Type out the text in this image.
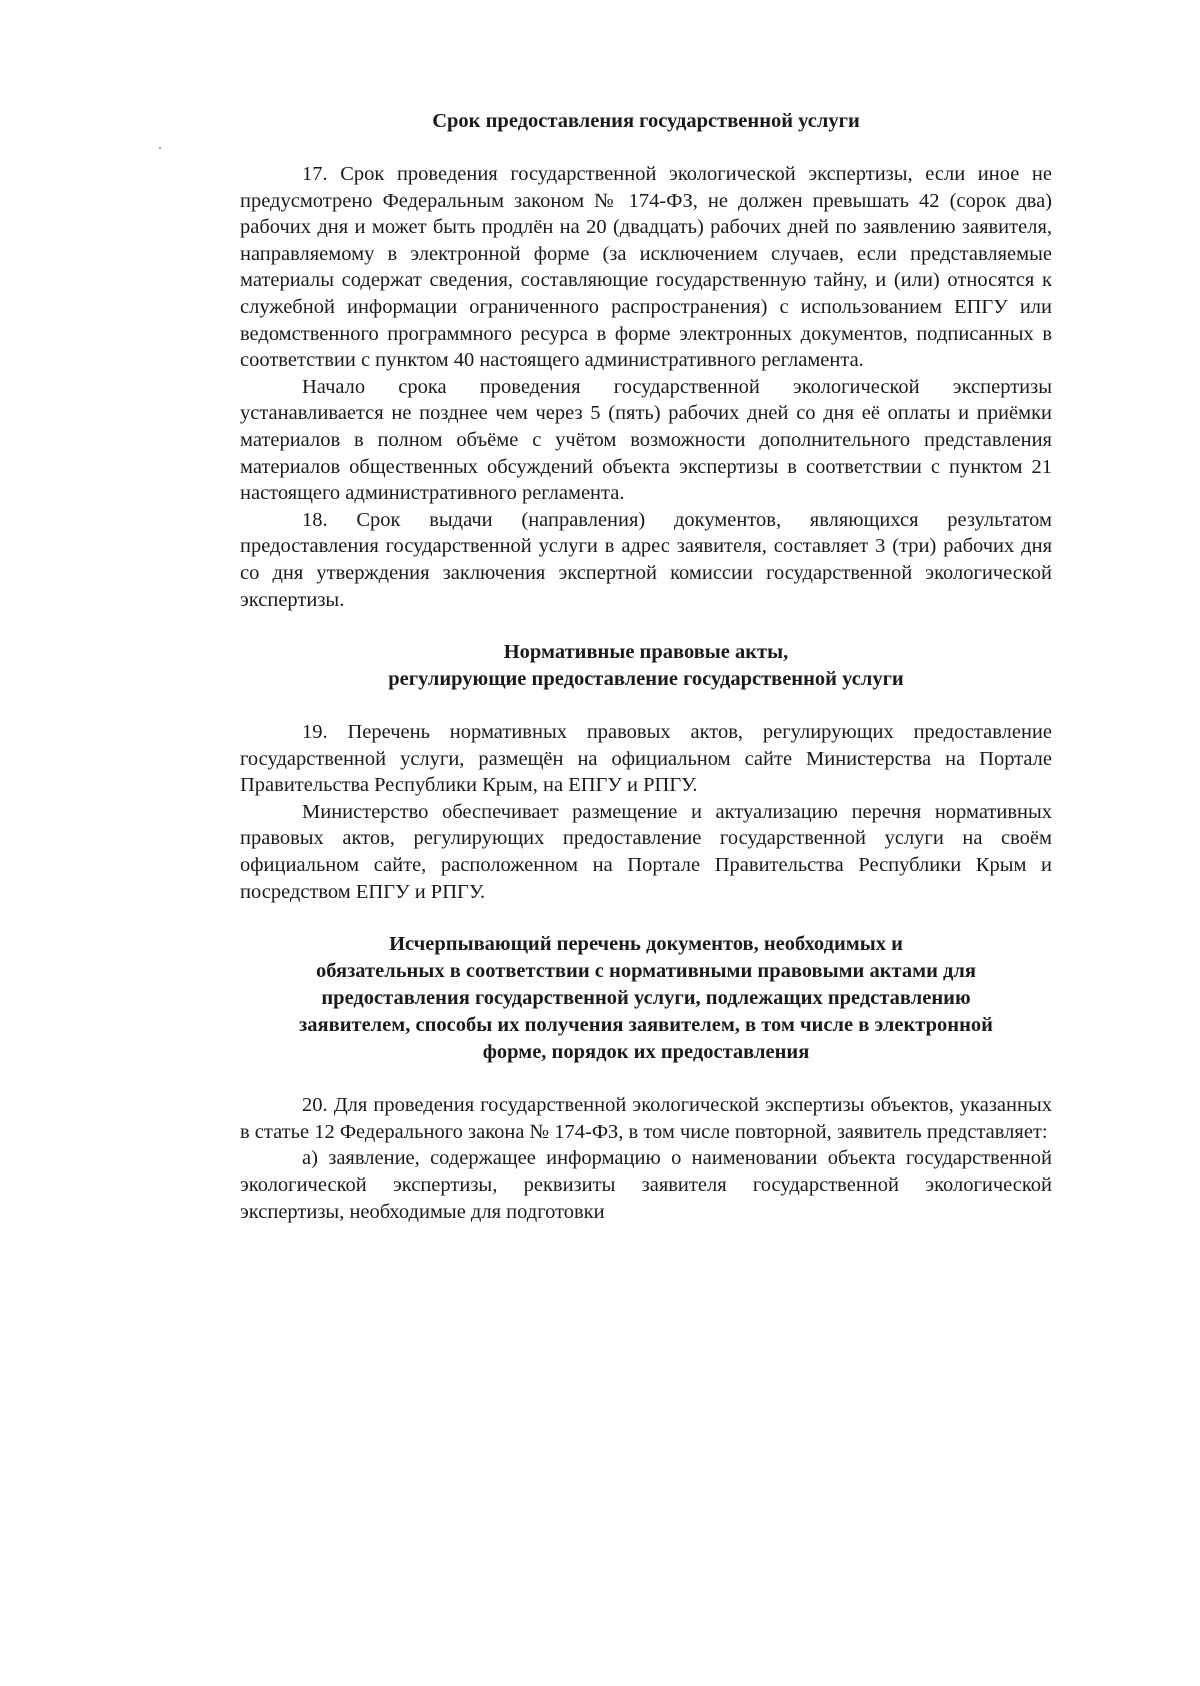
Срок предоставления государственной услуги

17. Срок проведения государственной экологической экспертизы, если иное не предусмотрено Федеральным законом № 174-ФЗ, не должен превышать 42 (сорок два) рабочих дня и может быть продлён на 20 (двадцать) рабочих дней по заявлению заявителя, направляемому в электронной форме (за исключением случаев, если представляемые материалы содержат сведения, составляющие государственную тайну, и (или) относятся к служебной информации ограниченного распространения) с использованием ЕПГУ или ведомственного программного ресурса в форме электронных документов, подписанных в соответствии с пунктом 40 настоящего административного регламента.

Начало срока проведения государственной экологической экспертизы устанавливается не позднее чем через 5 (пять) рабочих дней со дня её оплаты и приёмки материалов в полном объёме с учётом возможности дополнительного представления материалов общественных обсуждений объекта экспертизы в соответствии с пунктом 21 настоящего административного регламента.

18. Срок выдачи (направления) документов, являющихся результатом предоставления государственной услуги в адрес заявителя, составляет 3 (три) рабочих дня со дня утверждения заключения экспертной комиссии государственной экологической экспертизы.

Нормативные правовые акты,
регулирующие предоставление государственной услуги

19. Перечень нормативных правовых актов, регулирующих предоставление государственной услуги, размещён на официальном сайте Министерства на Портале Правительства Республики Крым, на ЕПГУ и РПГУ.

Министерство обеспечивает размещение и актуализацию перечня нормативных правовых актов, регулирующих предоставление государственной услуги на своём официальном сайте, расположенном на Портале Правительства Республики Крым и посредством ЕПГУ и РПГУ.

Исчерпывающий перечень документов, необходимых и
обязательных в соответствии с нормативными правовыми актами для
предоставления государственной услуги, подлежащих представлению
заявителем, способы их получения заявителем, в том числе в электронной
форме, порядок их предоставления

20. Для проведения государственной экологической экспертизы объектов, указанных в статье 12 Федерального закона № 174-ФЗ, в том числе повторной, заявитель представляет:

а) заявление, содержащее информацию о наименовании объекта государственной экологической экспертизы, реквизиты заявителя государственной экологической экспертизы, необходимые для подготовки
